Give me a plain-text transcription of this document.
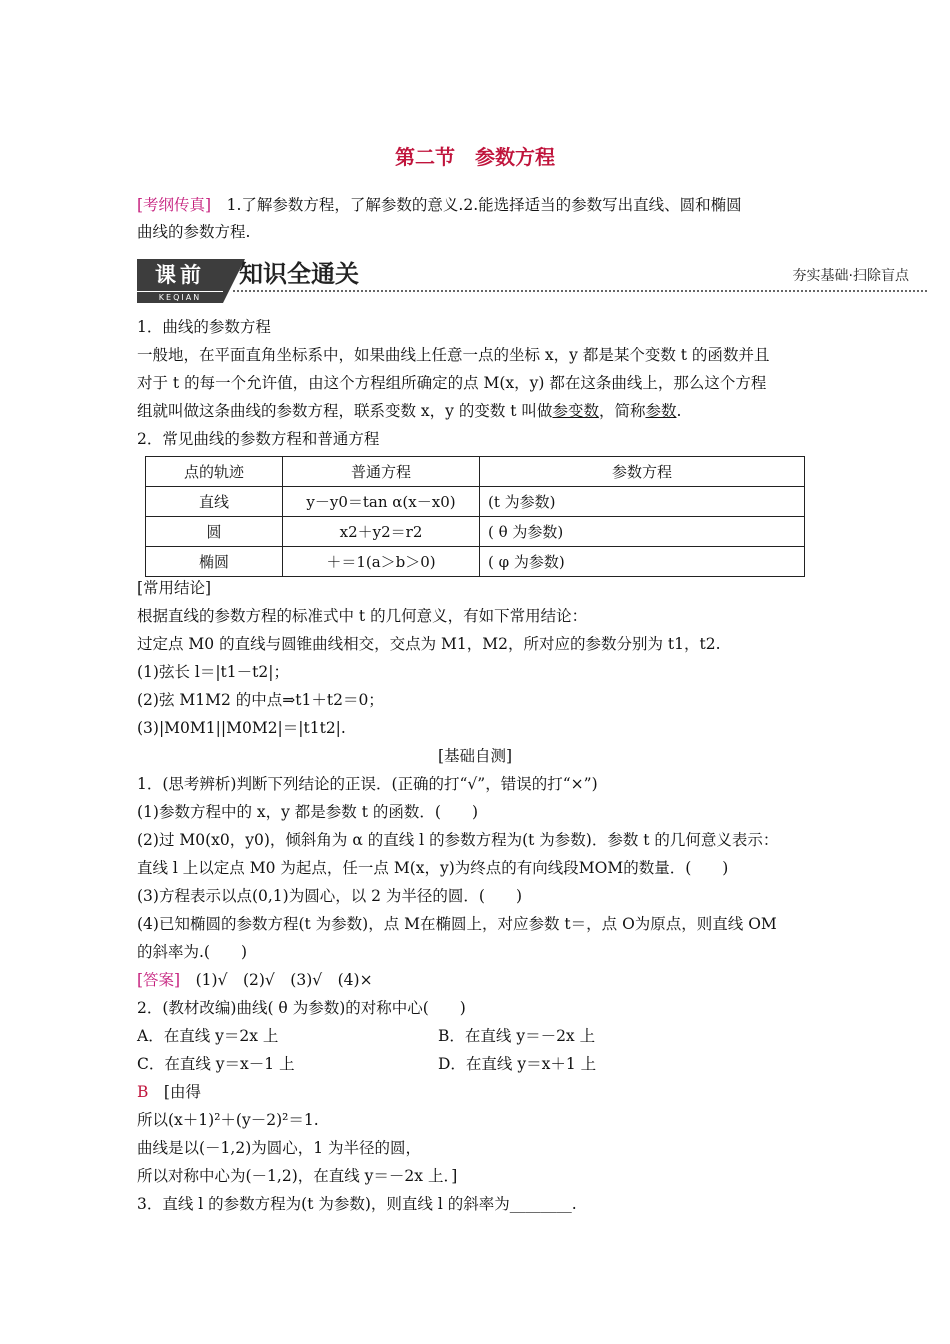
第二节 参数方程
[考纲传真]　 1.了解参数方程，了解参数的意义.2.能选择适当的参数写出直线、圆和椭圆
曲线的参数方程.
课前
KEQIAN
知识全通关	夯实基础·扫除盲点
1．曲线的参数方程
一般地，在平面直角坐标系中，如果曲线上任意一点的坐标 x，y 都是某个变数 t 的函数并且
对于 t 的每一个允许值，由这个方程组所确定的点 M(x，y) 都在这条曲线上，那么这个方程
组就叫做这条曲线的参数方程，联系变数 x，y 的变数 t 叫做参变数，简称参数.
2．常见曲线的参数方程和普通方程
点的轨迹	普通方程	参数方程
直线	y－y0＝tan α(x－x0)	(t 为参数)
圆	x2＋y2＝r2	( θ 为参数)
椭圆	＋＝1(a＞b＞0)	( φ 为参数)
[常用结论]
根据直线的参数方程的标准式中 t 的几何意义，有如下常用结论：
过定点 M0 的直线与圆锥曲线相交，交点为 M1，M2，所对应的参数分别为 t1，t2.
(1)弦长 l＝|t1－t2|；
(2)弦 M1M2 的中点⇒t1＋t2＝0；
(3)|M0M1||M0M2|＝|t1t2|.
[基础自测]
1．(思考辨析)判断下列结论的正误．(正确的打“√”，错误的打“×”)
(1)参数方程中的 x，y 都是参数 t 的函数．(　　)
(2)过 M0(x0，y0)，倾斜角为 α 的直线 l 的参数方程为(t 为参数)．参数 t 的几何意义表示：
直线 l 上以定点 M0 为起点，任一点 M(x，y)为终点的有向线段MOM的数量．(　　)
(3)方程表示以点(0,1)为圆心，以 2 为半径的圆．(　　)
(4)已知椭圆的参数方程(t 为参数)，点 M在椭圆上，对应参数 t＝，点 O为原点，则直线 OM
的斜率为.(　　)
[答案]　 (1)√　(2)√　(3)√　(4)×
2．(教材改编)曲线( θ 为参数)的对称中心(　　)
A．在直线 y＝2x 上	B．在直线 y＝－2x 上
C．在直线 y＝x－1 上	D．在直线 y＝x＋1 上
B　 [由得
所以(x＋1)²＋(y－2)²＝1.
曲线是以(－1,2)为圆心，1 为半径的圆，
所以对称中心为(－1,2)，在直线 y＝－2x 上．]
3．直线 l 的参数方程为(t 为参数)，则直线 l 的斜率为________.
